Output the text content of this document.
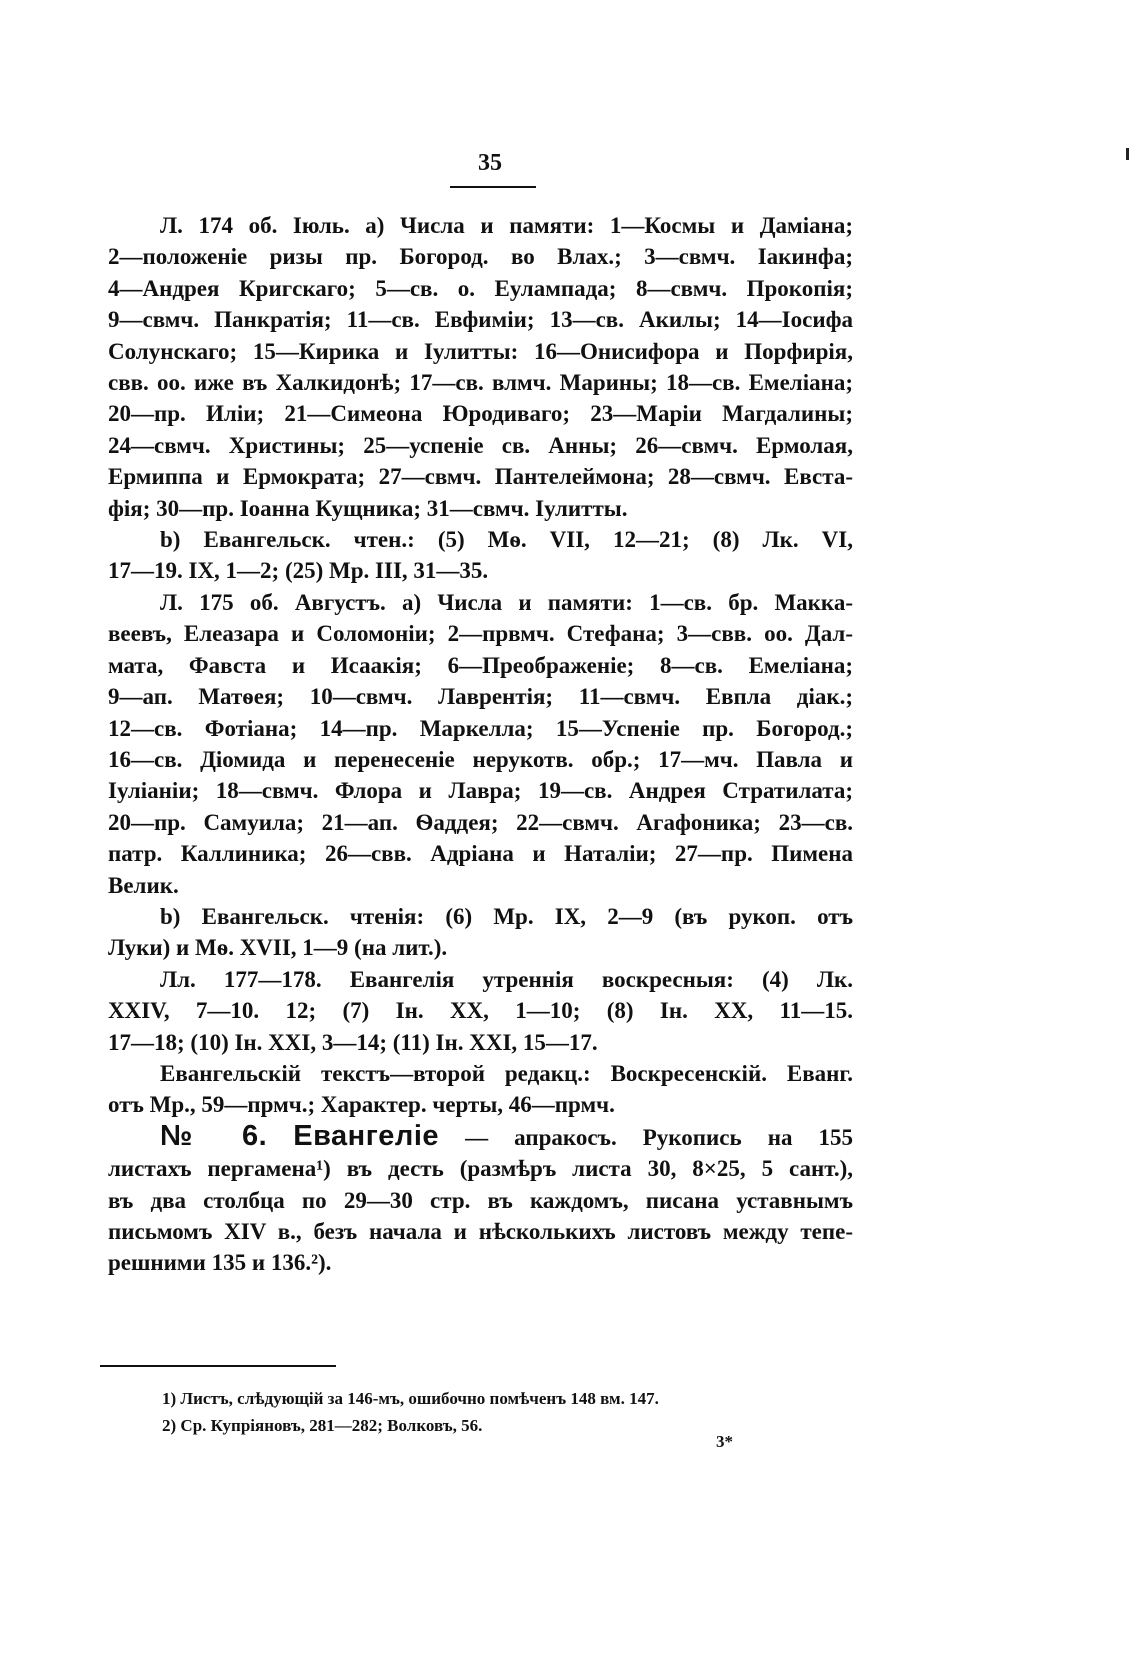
35
Л. 174 об. Іюль. а) Числа и памяти: 1—Космы и Даміана;
2—положеніе ризы пр. Богород. во Влах.; 3—свмч. Іакинфа;
4—Андрея Кригскаго; 5—св. о. Еулампада; 8—свмч. Прокопія;
9—свмч. Панкратія; 11—св. Евфиміи; 13—св. Акилы; 14—Іосифа
Солунскаго; 15—Кирика и Іулитты: 16—Онисифора и Порфирія,
свв. оо. иже въ Халкидонѣ; 17—св. влмч. Марины; 18—св. Емеліана;
20—пр. Иліи; 21—Симеона Юродиваго; 23—Маріи Магдалины;
24—свмч. Христины; 25—успеніе св. Анны; 26—свмч. Ермолая,
Ермиппа и Ермократа; 27—свмч. Пантелеймона; 28—свмч. Евста-
фія; 30—пр. Іоанна Кущника; 31—свмч. Іулитты.
b) Евангельск. чтен.: (5) Мѳ. VII, 12—21; (8) Лк. VI,
17—19. IX, 1—2; (25) Мр. III, 31—35.
Л. 175 об. Августъ. а) Числа и памяти: 1—св. бр. Макка-
веевъ, Елеазара и Соломоніи; 2—првмч. Стефана; 3—свв. оо. Дал-
мата, Фавста и Исаакія; 6—Преображеніе; 8—св. Емеліана;
9—ап. Матѳея; 10—свмч. Лаврентія; 11—свмч. Евпла діак.;
12—св. Фотіана; 14—пр. Маркелла; 15—Успеніе пр. Богород.;
16—св. Діомида и перенесеніе нерукотв. обр.; 17—мч. Павла и
Іуліаніи; 18—свмч. Флора и Лавра; 19—св. Андрея Стратилата;
20—пр. Самуила; 21—ап. Ѳаддея; 22—свмч. Агафоника; 23—св.
патр. Каллиника; 26—свв. Адріана и Наталіи; 27—пр. Пимена
Велик.
b) Евангельск. чтенія: (6) Мр. IX, 2—9 (въ рукоп. отъ
Луки) и Мѳ. XVII, 1—9 (на лит.).
Лл. 177—178. Евангелія утреннія воскресныя: (4) Лк.
XXIV, 7—10. 12; (7) Ін. XX, 1—10; (8) Ін. XX, 11—15.
17—18; (10) Ін. XXI, 3—14; (11) Ін. XXI, 15—17.
Евангельскій текстъ—второй редакц.: Воскресенскій. Еванг.
отъ Мр., 59—прмч.; Характер. черты, 46—прмч.
№ 6. Евангеліе — апракосъ. Рукопись на 155
листахъ пергамена¹) въ десть (размѣръ листа 30, 8×25, 5 сант.),
въ два столбца по 29—30 стр. въ каждомъ, писана уставнымъ
письмомъ XIV в., безъ начала и нѣсколькихъ листовъ между тепе-
решними 135 и 136.²).
1) Листъ, слѣдующій за 146-мъ, ошибочно помѣченъ 148 вм. 147.
2) Ср. Купріяновъ, 281—282; Волковъ, 56.
3*
